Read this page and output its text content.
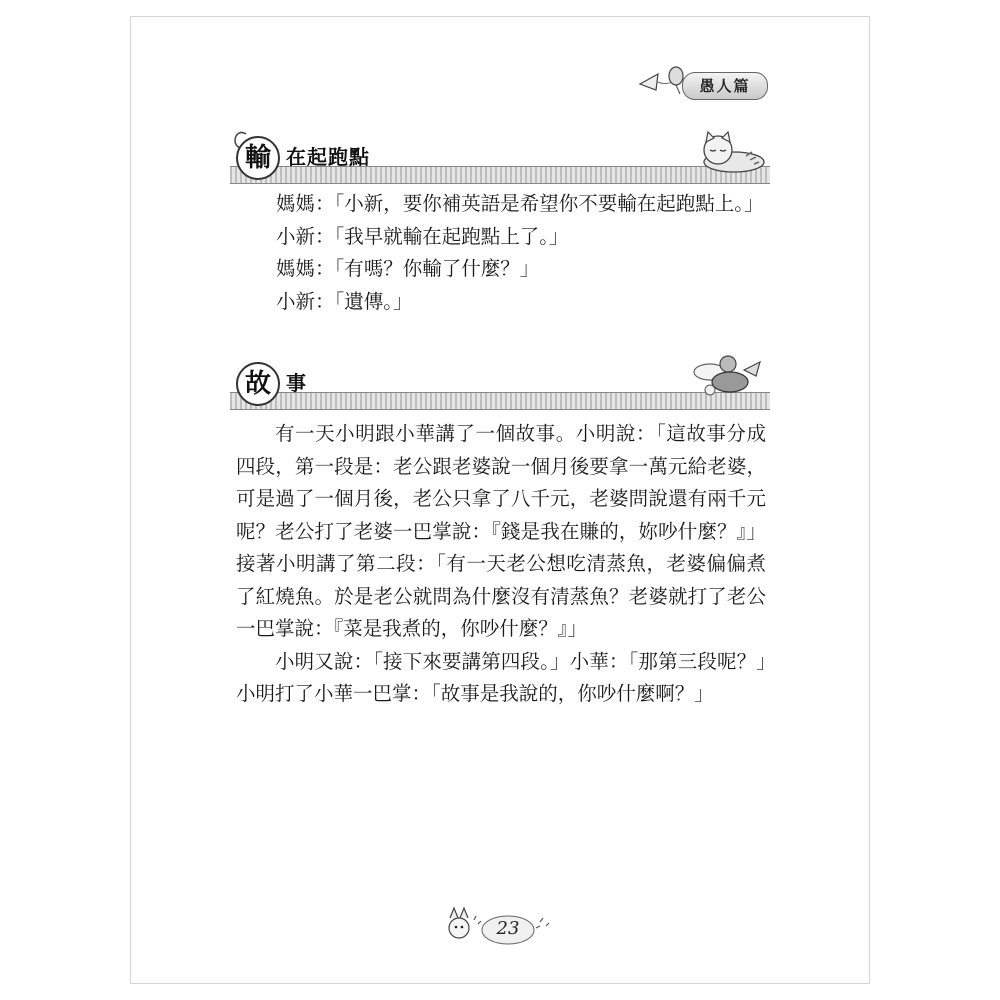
愚人篇
輸 在起跑點

媽媽：「小新，要你補英語是希望你不要輸在起跑點上。」

小新：「我早就輸在起跑點上了。」

媽媽：「有嗎？你輸了什麼？」

小新：「遺傳。」

故 事

有一天小明跟小華講了一個故事。小明說：「這故事分成四段，第一段是：老公跟老婆說一個月後要拿一萬元給老婆，可是過了一個月後，老公只拿了八千元，老婆問說還有兩千元呢？老公打了老婆一巴掌說：『錢是我在賺的，妳吵什麼？』」接著小明講了第二段：「有一天老公想吃清蒸魚，老婆偏偏煮了紅燒魚。於是老公就問為什麼沒有清蒸魚？老婆就打了老公一巴掌說：『菜是我煮的，你吵什麼？』」

小明又說：「接下來要講第四段。」小華：「那第三段呢？」小明打了小華一巴掌：「故事是我說的，你吵什麼啊？」

23
